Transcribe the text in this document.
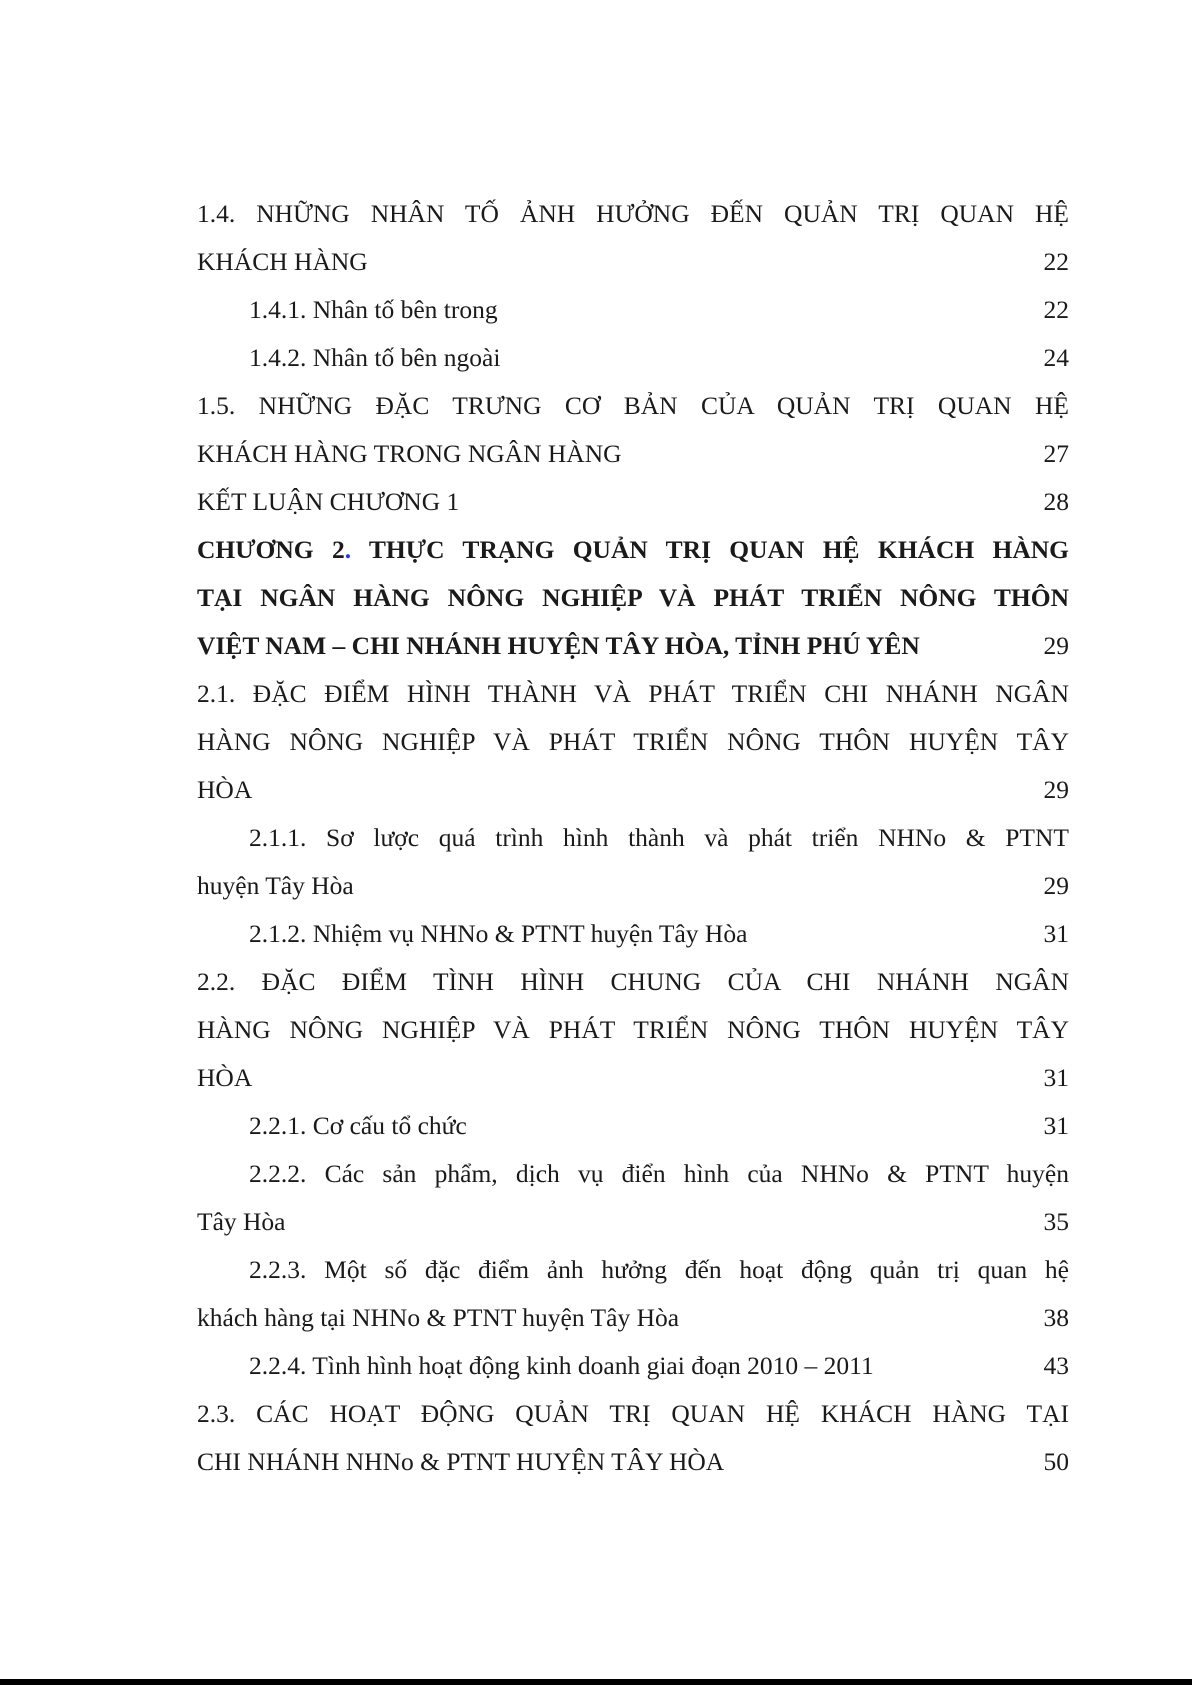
1.4. NHỮNG NHÂN TỐ ẢNH HƯỞNG ĐẾN QUẢN TRỊ QUAN HỆ
KHÁCH HÀNG	22
1.4.1. Nhân tố bên trong	22
1.4.2. Nhân tố bên ngoài	24
1.5. NHỮNG ĐẶC TRƯNG CƠ BẢN CỦA QUẢN TRỊ QUAN HỆ
KHÁCH HÀNG TRONG NGÂN HÀNG	27
KẾT LUẬN CHƯƠNG 1	28
CHƯƠNG 2. THỰC TRẠNG QUẢN TRỊ QUAN HỆ KHÁCH HÀNG
TẠI NGÂN HÀNG NÔNG NGHIỆP VÀ PHÁT TRIỂN NÔNG THÔN
VIỆT NAM – CHI NHÁNH HUYỆN TÂY HÒA, TỈNH PHÚ YÊN	29
2.1. ĐẶC ĐIỂM HÌNH THÀNH VÀ PHÁT TRIỂN CHI NHÁNH NGÂN
HÀNG NÔNG NGHIỆP VÀ PHÁT TRIỂN NÔNG THÔN HUYỆN TÂY
HÒA	29
2.1.1. Sơ lược quá trình hình thành và phát triển NHNo & PTNT
huyện Tây Hòa	29
2.1.2. Nhiệm vụ NHNo & PTNT huyện Tây Hòa	31
2.2. ĐẶC ĐIỂM TÌNH HÌNH CHUNG CỦA CHI NHÁNH NGÂN
HÀNG NÔNG NGHIỆP VÀ PHÁT TRIỂN NÔNG THÔN HUYỆN TÂY
HÒA	31
2.2.1. Cơ cấu tổ chức	31
2.2.2. Các sản phẩm, dịch vụ điển hình của NHNo & PTNT huyện
Tây Hòa	35
2.2.3. Một số đặc điểm ảnh hưởng đến hoạt động quản trị quan hệ
khách hàng tại NHNo & PTNT huyện Tây Hòa	38
2.2.4. Tình hình hoạt động kinh doanh giai đoạn 2010 – 2011	43
2.3. CÁC HOẠT ĐỘNG QUẢN TRỊ QUAN HỆ KHÁCH HÀNG TẠI
CHI NHÁNH NHNo & PTNT HUYỆN TÂY HÒA	50
